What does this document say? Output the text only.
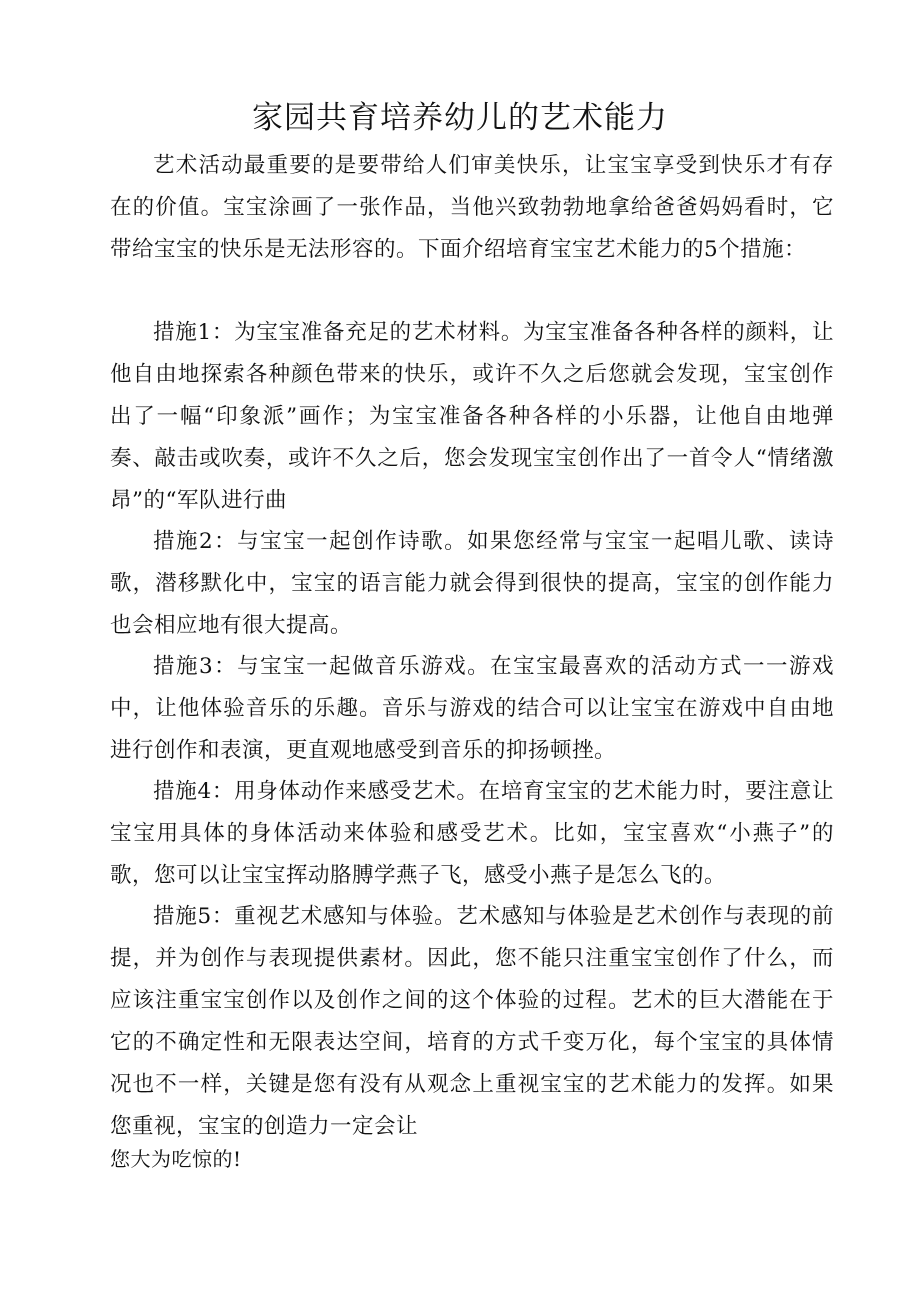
家园共育培养幼儿的艺术能力

艺术活动最重要的是要带给人们审美快乐，让宝宝享受到快乐才有存在的价值。宝宝涂画了一张作品，当他兴致勃勃地拿给爸爸妈妈看时，它带给宝宝的快乐是无法形容的。下面介绍培育宝宝艺术能力的5个措施：

措施1：为宝宝准备充足的艺术材料。为宝宝准备各种各样的颜料，让他自由地探索各种颜色带来的快乐，或许不久之后您就会发现，宝宝创作出了一幅“印象派”画作；为宝宝准备各种各样的小乐器，让他自由地弹奏、敲击或吹奏，或许不久之后，您会发现宝宝创作出了一首令人“情绪激昂”的“军队进行曲

措施2：与宝宝一起创作诗歌。如果您经常与宝宝一起唱儿歌、读诗歌，潜移默化中，宝宝的语言能力就会得到很快的提高，宝宝的创作能力也会相应地有很大提高。

措施3：与宝宝一起做音乐游戏。在宝宝最喜欢的活动方式一一游戏中，让他体验音乐的乐趣。音乐与游戏的结合可以让宝宝在游戏中自由地进行创作和表演，更直观地感受到音乐的抑扬顿挫。

措施4：用身体动作来感受艺术。在培育宝宝的艺术能力时，要注意让宝宝用具体的身体活动来体验和感受艺术。比如，宝宝喜欢“小燕子”的歌，您可以让宝宝挥动胳膊学燕子飞，感受小燕子是怎么飞的。

措施5：重视艺术感知与体验。艺术感知与体验是艺术创作与表现的前提，并为创作与表现提供素材。因此，您不能只注重宝宝创作了什么，而应该注重宝宝创作以及创作之间的这个体验的过程。艺术的巨大潜能在于它的不确定性和无限表达空间，培育的方式千变万化，每个宝宝的具体情况也不一样，关键是您有没有从观念上重视宝宝的艺术能力的发挥。如果您重视，宝宝的创造力一定会让

您大为吃惊的!
